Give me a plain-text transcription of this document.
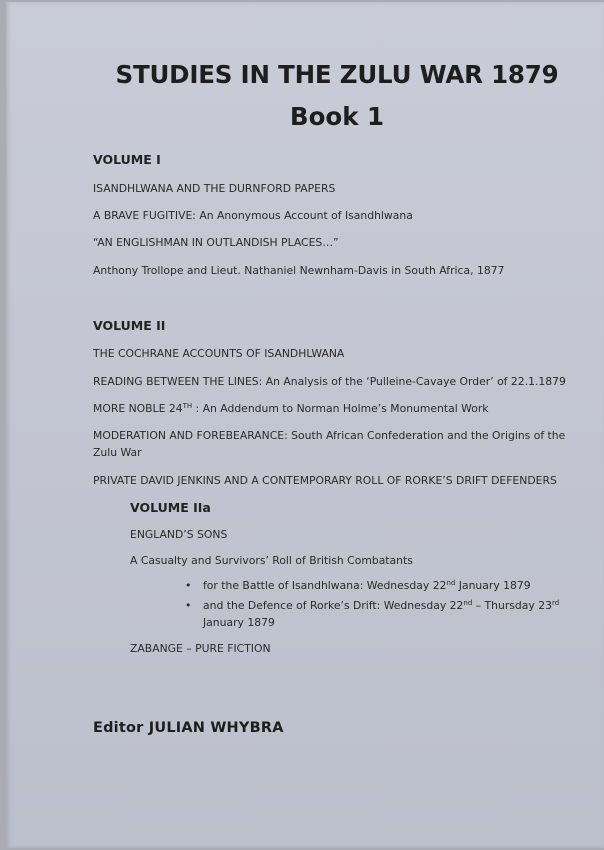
STUDIES IN THE ZULU WAR 1879
Book 1
VOLUME I
ISANDHLWANA AND THE DURNFORD PAPERS
A BRAVE FUGITIVE: An Anonymous Account of Isandhlwana
“AN ENGLISHMAN IN OUTLANDISH PLACES…”
Anthony Trollope and Lieut. Nathaniel Newnham-Davis in South Africa, 1877
VOLUME II
THE COCHRANE ACCOUNTS OF ISANDHLWANA
READING BETWEEN THE LINES: An Analysis of the ‘Pulleine-Cavaye Order’ of 22.1.1879
MORE NOBLE 24TH : An Addendum to Norman Holme’s Monumental Work
MODERATION AND FOREBEARANCE: South African Confederation and the Origins of the
Zulu War
PRIVATE DAVID JENKINS AND A CONTEMPORARY ROLL OF RORKE’S DRIFT DEFENDERS
VOLUME IIa
ENGLAND’S SONS
A Casualty and Survivors’ Roll of British Combatants
• for the Battle of Isandhlwana: Wednesday 22nd January 1879
• and the Defence of Rorke’s Drift: Wednesday 22nd – Thursday 23rd
January 1879
ZABANGE – PURE FICTION
Editor JULIAN WHYBRA
